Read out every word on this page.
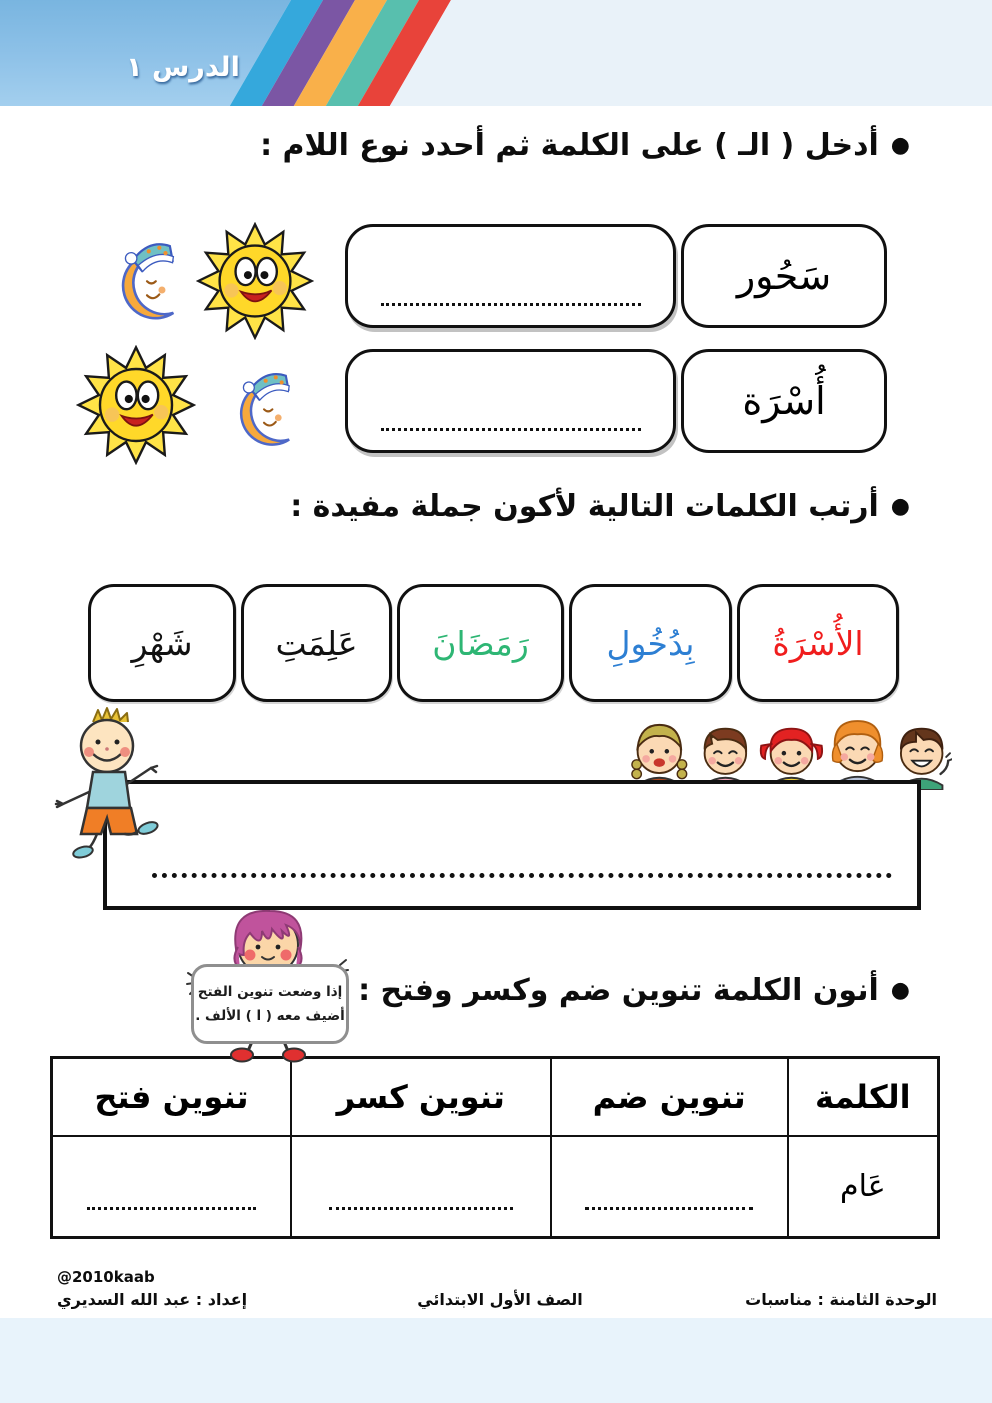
الدرس ١
●
أدخل ( الـ ) على الكلمة ثم أحدد نوع اللام :
سَحُور
أُسْرَة
●
أرتب الكلمات التالية لأكون جملة مفيدة :
الأُسْرَةُ
بِدُخُولِ
رَمَضَانَ
عَلِمَتِ
شَهْرِ
إذا وضعت تنوين الفتح
أضيف معه ( ا ) الألف .
●
أنون الكلمة تنوين ضم وكسر وفتح :
الكلمة	تنوين ضم	تنوين كسر	تنوين فتح
عَام			
@2010kaab
إعداد : عبد الله السديري	الصف الأول الابتدائي	الوحدة الثامنة : مناسبات
